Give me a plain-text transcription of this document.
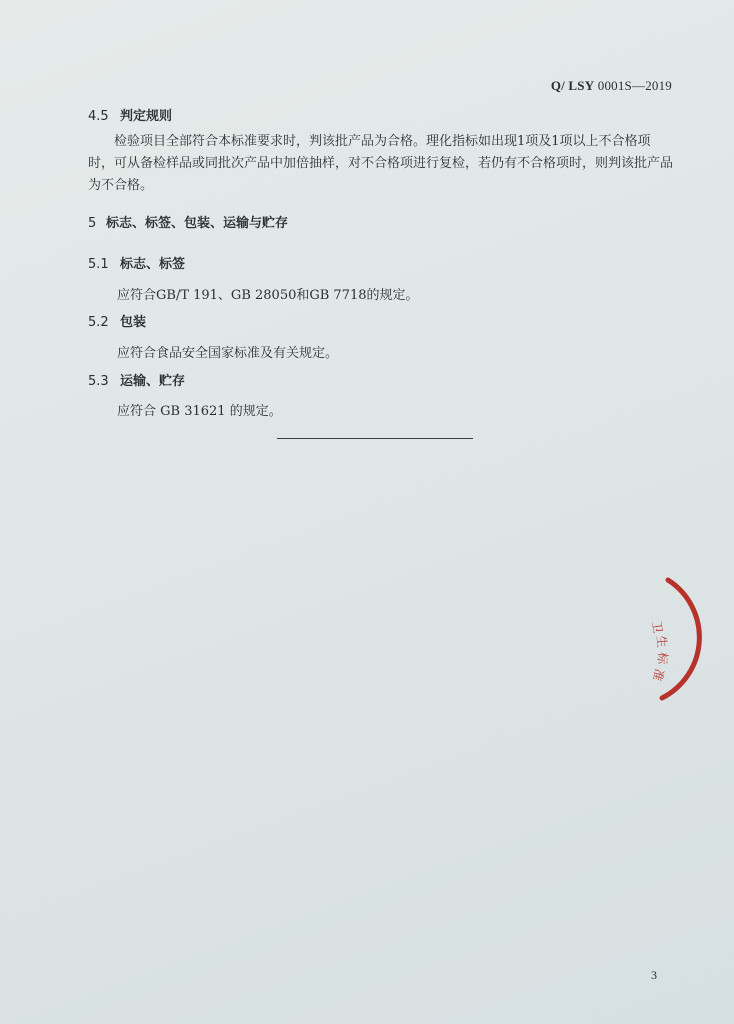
Q/ LSY 0001S—2019
4.5 判定规则
检验项目全部符合本标准要求时，判该批产品为合格。理化指标如出现1项及1项以上不合格项时，可从备检样品或同批次产品中加倍抽样，对不合格项进行复检，若仍有不合格项时，则判该批产品为不合格。
5 标志、标签、包装、运输与贮存
5.1 标志、标签
应符合GB/T 191、GB 28050和GB 7718的规定。
5.2 包装
应符合食品安全国家标准及有关规定。
5.3 运输、贮存
应符合 GB 31621 的规定。
卫
生
标
准
3
